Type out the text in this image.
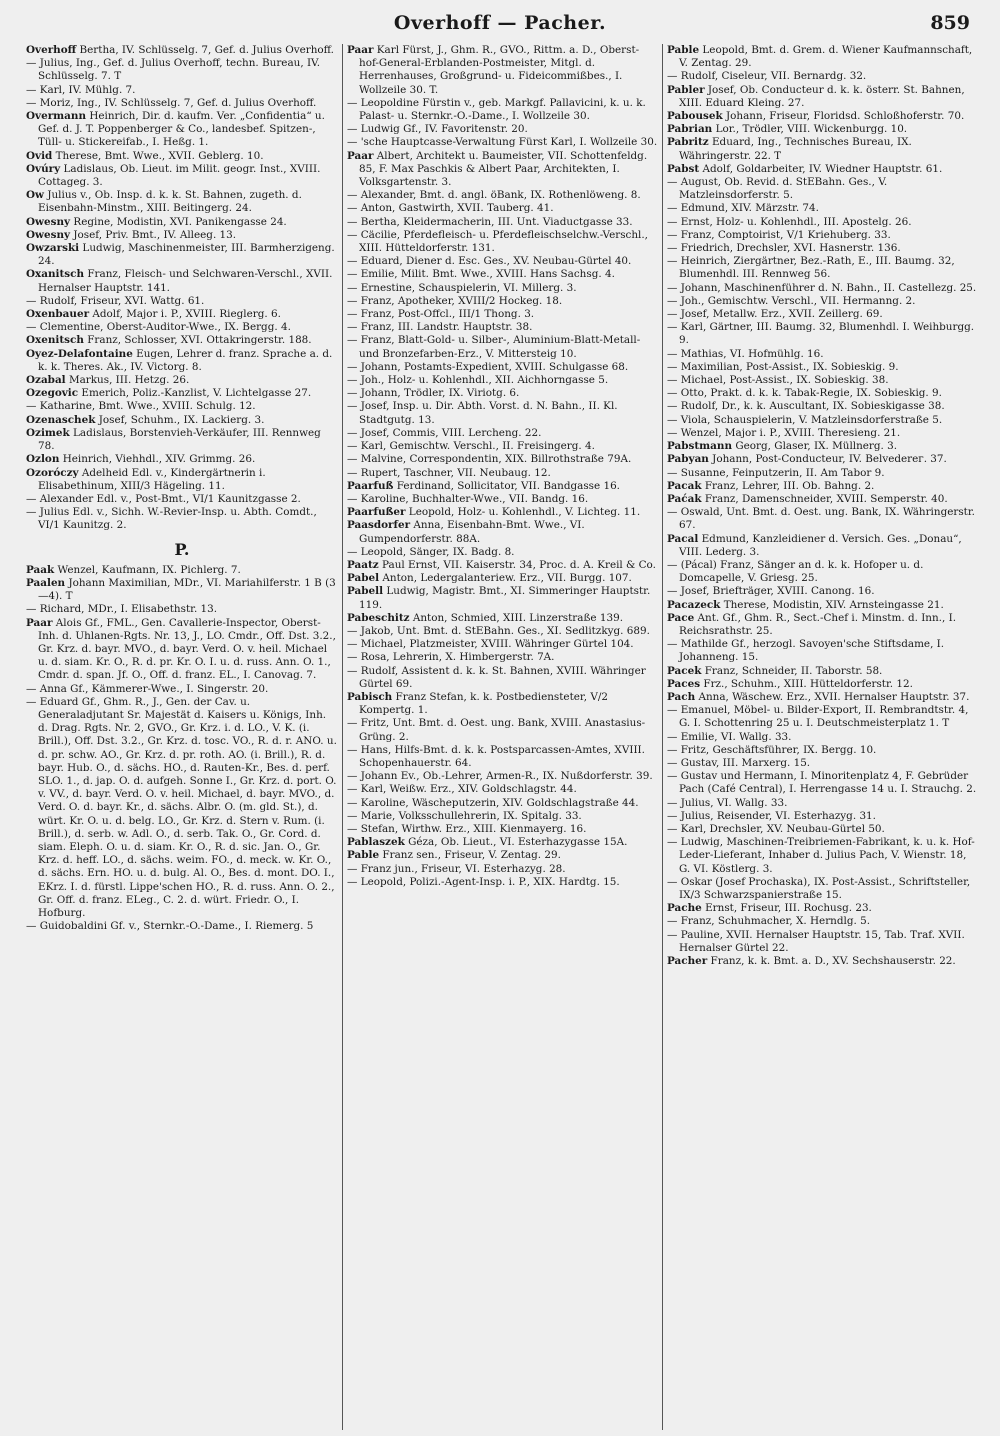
Overhoff — Pacher.	859

Overhoff Bertha, IV. Schlüsselg. 7, Gef. d. Julius Overhoff.

— Julius, Ing., Gef. d. Julius Overhoff, techn. Bureau, IV. Schlüsselg. 7. T

— Karl, IV. Mühlg. 7.

— Moriz, Ing., IV. Schlüsselg. 7, Gef. d. Julius Overhoff.

Overmann Heinrich, Dir. d. kaufm. Ver. „Confidentia“ u. Gef. d. J. T. Poppenberger & Co., landesbef. Spitzen-, Tüll- u. Stickereifab., I. Heßg. 1.

Ovid Therese, Bmt. Wwe., XVII. Geblerg. 10.

Ovúry Ladislaus, Ob. Lieut. im Milit. geogr. Inst., XVIII. Cottageg. 3.

Ow Julius v., Ob. Insp. d. k. k. St. Bahnen, zugeth. d. Eisenbahn-Minstm., XIII. Beitingerg. 24.

Owesny Regine, Modistin, XVI. Panikengasse 24.

Owesny Josef, Priv. Bmt., IV. Alleeg. 13.

Owzarski Ludwig, Maschinenmeister, III. Barmherzigeng. 24.

Oxanitsch Franz, Fleisch- und Selchwaren-Verschl., XVII. Hernalser Hauptstr. 141.

— Rudolf, Friseur, XVI. Wattg. 61.

Oxenbauer Adolf, Major i. P., XVIII. Rieglerg. 6.

— Clementine, Oberst-Auditor-Wwe., IX. Bergg. 4.

Oxenitsch Franz, Schlosser, XVI. Ottakringerstr. 188.

Oyez-Delafontaine Eugen, Lehrer d. franz. Sprache a. d. k. k. Theres. Ak., IV. Victorg. 8.

Ozabal Markus, III. Hetzg. 26.

Ozegovic Emerich, Poliz.-Kanzlist, V. Lichtelgasse 27.

— Katharine, Bmt. Wwe., XVIII. Schulg. 12.

Ozenaschek Josef, Schuhm., IX. Lackierg. 3.

Ozimek Ladislaus, Borstenvieh-Verkäufer, III. Rennweg 78.

Ozlon Heinrich, Viehhdl., XIV. Grimmg. 26.

Ozoróczy Adelheid Edl. v., Kindergärtnerin i. Elisabethinum, XIII/3 Hägeling. 11.

— Alexander Edl. v., Post-Bmt., VI/1 Kaunitzgasse 2.

— Julius Edl. v., Sichh. W.-Revier-Insp. u. Abth. Comdt., VI/1 Kaunitzg. 2.

P.

Paak Wenzel, Kaufmann, IX. Pichlerg. 7.

Paalen Johann Maximilian, MDr., VI. Mariahilferstr. 1 B (3—4). T

— Richard, MDr., I. Elisabethstr. 13.

Paar Alois Gf., FML., Gen. Cavallerie-Inspector, Oberst-Inh. d. Uhlanen-Rgts. Nr. 13, J., LO. Cmdr., Off. Dst. 3.2., Gr. Krz. d. bayr. MVO., d. bayr. Verd. O. v. heil. Michael u. d. siam. Kr. O., R. d. pr. Kr. O. I. u. d. russ. Ann. O. 1., Cmdr. d. span. Jf. O., Off. d. franz. EL., I. Canovag. 7.

— Anna Gf., Kämmerer-Wwe., I. Singerstr. 20.

— Eduard Gf., Ghm. R., J., Gen. der Cav. u. Generaladjutant Sr. Majestät d. Kaisers u. Königs, Inh. d. Drag. Rgts. Nr. 2, GVO., Gr. Krz. i. d. LO., V. K. (i. Brill.), Off. Dst. 3.2., Gr. Krz. d. tosc. VO., R. d. r. ANO. u. d. pr. schw. AO., Gr. Krz. d. pr. roth. AO. (i. Brill.), R. d. bayr. Hub. O., d. sächs. HO., d. Rauten-Kr., Bes. d. perf. SLO. 1., d. jap. O. d. aufgeh. Sonne I., Gr. Krz. d. port. O. v. VV., d. bayr. Verd. O. v. heil. Michael, d. bayr. MVO., d. Verd. O. d. bayr. Kr., d. sächs. Albr. O. (m. gld. St.), d. würt. Kr. O. u. d. belg. LO., Gr. Krz. d. Stern v. Rum. (i. Brill.), d. serb. w. Adl. O., d. serb. Tak. O., Gr. Cord. d. siam. Eleph. O. u. d. siam. Kr. O., R. d. sic. Jan. O., Gr. Krz. d. heff. LO., d. sächs. weim. FO., d. meck. w. Kr. O., d. sächs. Ern. HO. u. d. bulg. Al. O., Bes. d. mont. DO. I., EKrz. I. d. fürstl. Lippe'schen HO., R. d. russ. Ann. O. 2., Gr. Off. d. franz. ELeg., C. 2. d. würt. Friedr. O., I. Hofburg.

— Guidobaldini Gf. v., Sternkr.-O.-Dame., I. Riemerg. 5

Paar Karl Fürst, J., Ghm. R., GVO., Rittm. a. D., Oberst-hof-General-Erblanden-Postmeister, Mitgl. d. Herrenhauses, Großgrund- u. Fideicommißbes., I. Wollzeile 30. T.

— Leopoldine Fürstin v., geb. Markgf. Pallavicini, k. u. k. Palast- u. Sternkr.-O.-Dame., I. Wollzeile 30.

— Ludwig Gf., IV. Favoritenstr. 20.

— 'sche Hauptcasse-Verwaltung Fürst Karl, I. Wollzeile 30.

Paar Albert, Architekt u. Baumeister, VII. Schottenfeldg. 85, F. Max Paschkis & Albert Paar, Architekten, I. Volksgartenstr. 3.

— Alexander, Bmt. d. angl. öBank, IX. Rothenlöweng. 8.

— Anton, Gastwirth, XVII. Tauberg. 41.

— Bertha, Kleidermacherin, III. Unt. Viaductgasse 33.

— Cäcilie, Pferdefleisch- u. Pferdefleischselchw.-Verschl., XIII. Hütteldorferstr. 131.

— Eduard, Diener d. Esc. Ges., XV. Neubau-Gürtel 40.

— Emilie, Milit. Bmt. Wwe., XVIII. Hans Sachsg. 4.

— Ernestine, Schauspielerin, VI. Millerg. 3.

— Franz, Apotheker, XVIII/2 Hockeg. 18.

— Franz, Post-Offcl., III/1 Thong. 3.

— Franz, III. Landstr. Hauptstr. 38.

— Franz, Blatt-Gold- u. Silber-, Aluminium-Blatt-Metall- und Bronzefarben-Erz., V. Mittersteig 10.

— Johann, Postamts-Expedient, XVIII. Schulgasse 68.

— Joh., Holz- u. Kohlenhdl., XII. Aichhorngasse 5.

— Johann, Trödler, IX. Viriotg. 6.

— Josef, Insp. u. Dir. Abth. Vorst. d. N. Bahn., II. Kl. Stadtgutg. 13.

— Josef, Commis, VIII. Lercheng. 22.

— Karl, Gemischtw. Verschl., II. Freisingerg. 4.

— Malvine, Correspondentin, XIX. Billrothstraße 79A.

— Rupert, Taschner, VII. Neubaug. 12.

Paarfuß Ferdinand, Sollicitator, VII. Bandgasse 16.

— Karoline, Buchhalter-Wwe., VII. Bandg. 16.

Paarfußer Leopold, Holz- u. Kohlenhdl., V. Lichteg. 11.

Paasdorfer Anna, Eisenbahn-Bmt. Wwe., VI. Gumpendorferstr. 88A.

— Leopold, Sänger, IX. Badg. 8.

Paatz Paul Ernst, VII. Kaiserstr. 34, Proc. d. A. Kreil & Co.

Pabel Anton, Ledergalanteriew. Erz., VII. Burgg. 107.

Pabell Ludwig, Magistr. Bmt., XI. Simmeringer Hauptstr. 119.

Pabeschitz Anton, Schmied, XIII. Linzerstraße 139.

— Jakob, Unt. Bmt. d. StEBahn. Ges., XI. Sedlitzkyg. 689.

— Michael, Platzmeister, XVIII. Währinger Gürtel 104.

— Rosa, Lehrerin, X. Himbergerstr. 7A.

— Rudolf, Assistent d. k. k. St. Bahnen, XVIII. Währinger Gürtel 69.

Pabisch Franz Stefan, k. k. Postbediensteter, V/2 Kompertg. 1.

— Fritz, Unt. Bmt. d. Oest. ung. Bank, XVIII. Anastasius-Grüng. 2.

— Hans, Hilfs-Bmt. d. k. k. Postsparcassen-Amtes, XVIII. Schopenhauerstr. 64.

— Johann Ev., Ob.-Lehrer, Armen-R., IX. Nußdorferstr. 39.

— Karl, Weißw. Erz., XIV. Goldschlagstr. 44.

— Karoline, Wäscheputzerin, XIV. Goldschlagstraße 44.

— Marie, Volksschullehrerin, IX. Spitalg. 33.

— Stefan, Wirthw. Erz., XIII. Kienmayerg. 16.

Pablaszek Géza, Ob. Lieut., VI. Esterhazygasse 15A.

Pable Franz sen., Friseur, V. Zentag. 29.

— Franz jun., Friseur, VI. Esterhazyg. 28.

— Leopold, Polizi.-Agent-Insp. i. P., XIX. Hardtg. 15.

Pable Leopold, Bmt. d. Grem. d. Wiener Kaufmannschaft, V. Zentag. 29.

— Rudolf, Ciseleur, VII. Bernardg. 32.

Pabler Josef, Ob. Conducteur d. k. k. österr. St. Bahnen, XIII. Eduard Kleing. 27.

Pabousek Johann, Friseur, Floridsd. Schloßhoferstr. 70.

Pabrian Lor., Trödler, VIII. Wickenburgg. 10.

Pabritz Eduard, Ing., Technisches Bureau, IX. Währingerstr. 22. T

Pabst Adolf, Goldarbeiter, IV. Wiedner Hauptstr. 61.

— August, Ob. Revid. d. StEBahn. Ges., V. Matzleinsdorferstr. 5.

— Edmund, XIV. Märzstr. 74.

— Ernst, Holz- u. Kohlenhdl., III. Apostelg. 26.

— Franz, Comptoirist, V/1 Kriehuberg. 33.

— Friedrich, Drechsler, XVI. Hasnerstr. 136.

— Heinrich, Ziergärtner, Bez.-Rath, E., III. Baumg. 32, Blumenhdl. III. Rennweg 56.

— Johann, Maschinenführer d. N. Bahn., II. Castellezg. 25.

— Joh., Gemischtw. Verschl., VII. Hermanng. 2.

— Josef, Metallw. Erz., XVII. Zeillerg. 69.

— Karl, Gärtner, III. Baumg. 32, Blumenhdl. I. Weihburgg. 9.

— Mathias, VI. Hofmühlg. 16.

— Maximilian, Post-Assist., IX. Sobieskig. 9.

— Michael, Post-Assist., IX. Sobieskig. 38.

— Otto, Prakt. d. k. k. Tabak-Regie, IX. Sobieskig. 9.

— Rudolf, Dr., k. k. Auscultant, IX. Sobieskigasse 38.

— Viola, Schauspielerin, V. Matzleinsdorferstraße 5.

— Wenzel, Major i. P., XVIII. Theresieng. 21.

Pabstmann Georg, Glaser, IX. Müllnerg. 3.

Pabyan Johann, Post-Conducteur, IV. Belvederег. 37.

— Susanne, Feinputzerin, II. Am Tabor 9.

Pacak Franz, Lehrer, III. Ob. Bahng. 2.

Paćak Franz, Damenschneider, XVIII. Semperstr. 40.

— Oswald, Unt. Bmt. d. Oest. ung. Bank, IX. Währingerstr. 67.

Pacal Edmund, Kanzleidiener d. Versich. Ges. „Donau“, VIII. Lederg. 3.

— (Pácal) Franz, Sänger an d. k. k. Hofoper u. d. Domcapelle, V. Griesg. 25.

— Josef, Briefträger, XVIII. Canong. 16.

Pacazeck Therese, Modistin, XIV. Arnsteingasse 21.

Pace Ant. Gf., Ghm. R., Sect.-Chef i. Minstm. d. Inn., I. Reichsrathstr. 25.

— Mathilde Gf., herzogl. Savoyen'sche Stiftsdame, I. Johanneng. 15.

Pacek Franz, Schneider, II. Taborstr. 58.

Paces Frz., Schuhm., XIII. Hütteldorferstr. 12.

Pach Anna, Wäschew. Erz., XVII. Hernalser Hauptstr. 37.

— Emanuel, Möbel- u. Bilder-Export, II. Rembrandtstr. 4, G. I. Schottenring 25 u. I. Deutschmeisterplatz 1. T

— Emilie, VI. Wallg. 33.

— Fritz, Geschäftsführer, IX. Bergg. 10.

— Gustav, III. Marxerg. 15.

— Gustav und Hermann, I. Minoritenplatz 4, F. Gebrüder Pach (Café Central), I. Herrengasse 14 u. I. Strauchg. 2.

— Julius, VI. Wallg. 33.

— Julius, Reisender, VI. Esterhazyg. 31.

— Karl, Drechsler, XV. Neubau-Gürtel 50.

— Ludwig, Maschinen-Treibriemen-Fabrikant, k. u. k. Hof-Leder-Lieferant, Inhaber d. Julius Pach, V. Wienstr. 18, G. VI. Köstlerg. 3.

— Oskar (Josef Prochaska), IX. Post-Assist., Schriftsteller, IX/3 Schwarzspanierstraße 15.

Pache Ernst, Friseur, III. Rochusg. 23.

— Franz, Schuhmacher, X. Herndlg. 5.

— Pauline, XVII. Hernalser Hauptstr. 15, Tab. Traf. XVII. Hernalser Gürtel 22.

Pacher Franz, k. k. Bmt. a. D., XV. Sechshauserstr. 22.
